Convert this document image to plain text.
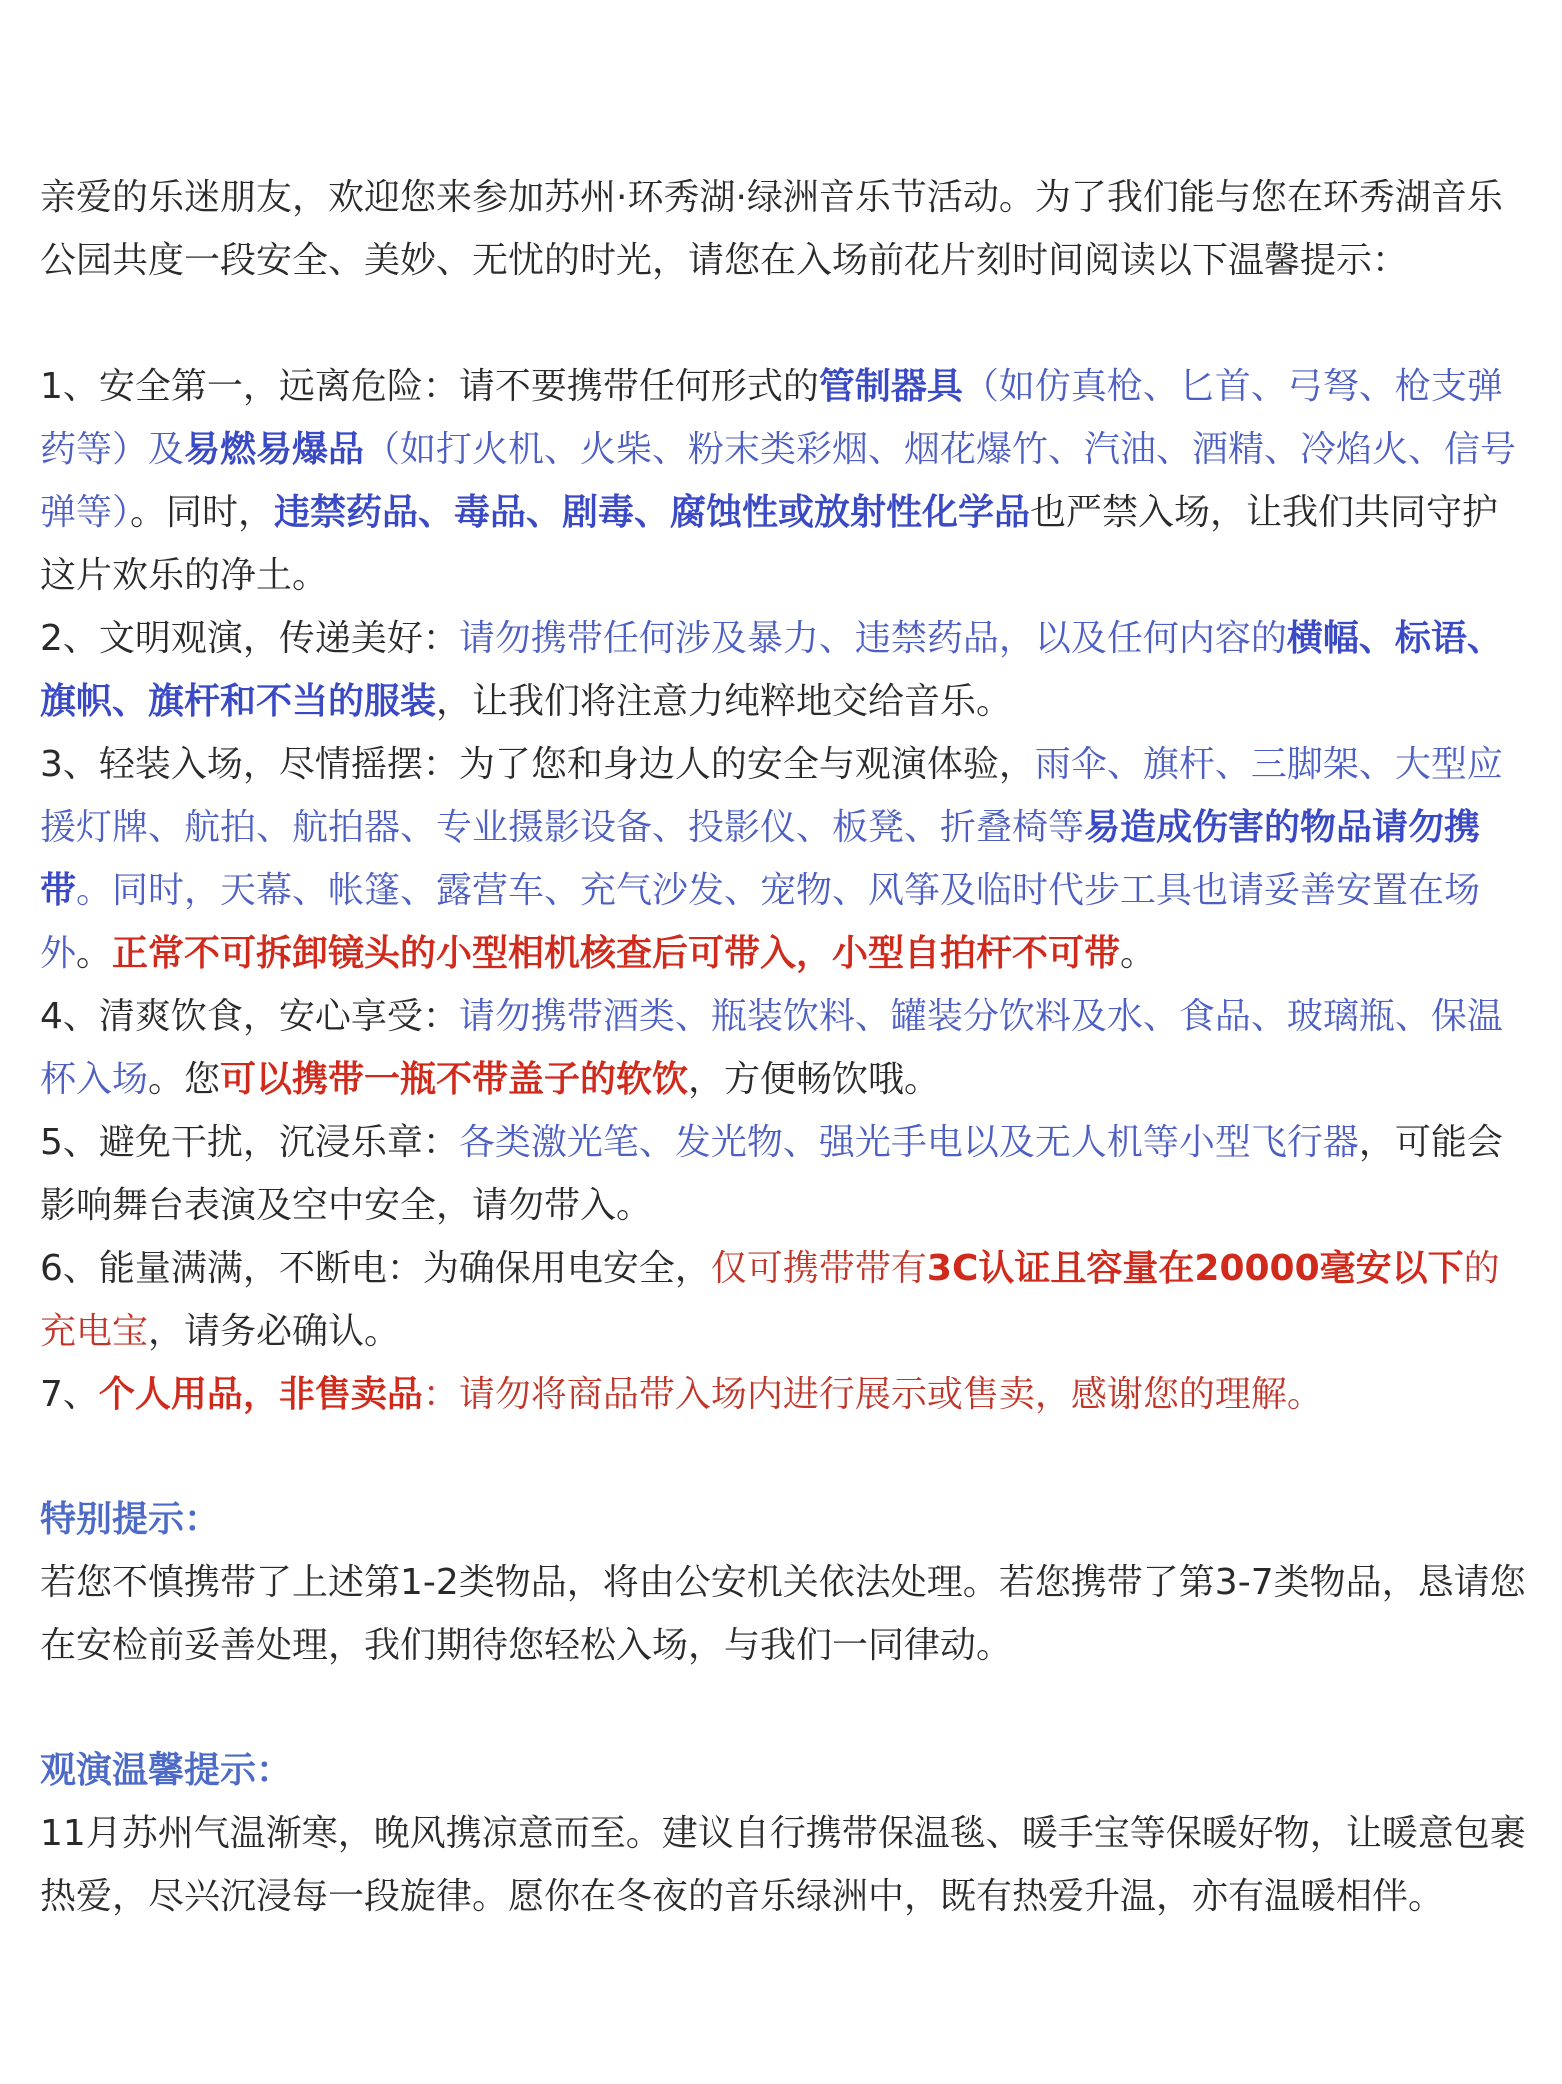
亲爱的乐迷朋友，欢迎您来参加苏州·环秀湖·绿洲音乐节活动。为了我们能与您在环秀湖音乐公园共度一段安全、美妙、无忧的时光，请您在入场前花片刻时间阅读以下温馨提示：

1、安全第一，远离危险：请不要携带任何形式的管制器具（如仿真枪、匕首、弓弩、枪支弹药等）及易燃易爆品（如打火机、火柴、粉末类彩烟、烟花爆竹、汽油、酒精、冷焰火、信号弹等）。同时，违禁药品、毒品、剧毒、腐蚀性或放射性化学品也严禁入场，让我们共同守护这片欢乐的净土。

2、文明观演，传递美好：请勿携带任何涉及暴力、违禁药品，以及任何内容的横幅、标语、旗帜、旗杆和不当的服装，让我们将注意力纯粹地交给音乐。

3、轻装入场，尽情摇摆：为了您和身边人的安全与观演体验，雨伞、旗杆、三脚架、大型应援灯牌、航拍、航拍器、专业摄影设备、投影仪、板凳、折叠椅等易造成伤害的物品请勿携带。同时，天幕、帐篷、露营车、充气沙发、宠物、风筝及临时代步工具也请妥善安置在场外。正常不可拆卸镜头的小型相机核查后可带入，小型自拍杆不可带。

4、清爽饮食，安心享受：请勿携带酒类、瓶装饮料、罐装分饮料及水、食品、玻璃瓶、保温杯入场。您可以携带一瓶不带盖子的软饮，方便畅饮哦。

5、避免干扰，沉浸乐章：各类激光笔、发光物、强光手电以及无人机等小型飞行器，可能会影响舞台表演及空中安全，请勿带入。

6、能量满满，不断电：为确保用电安全，仅可携带带有3C认证且容量在20000毫安以下的充电宝，请务必确认。

7、个人用品，非售卖品：请勿将商品带入场内进行展示或售卖，感谢您的理解。

特别提示：

若您不慎携带了上述第1-2类物品，将由公安机关依法处理。若您携带了第3-7类物品，恳请您在安检前妥善处理，我们期待您轻松入场，与我们一同律动。

观演温馨提示：

11月苏州气温渐寒，晚风携凉意而至。建议自行携带保温毯、暖手宝等保暖好物，让暖意包裹热爱，尽兴沉浸每一段旋律。愿你在冬夜的音乐绿洲中，既有热爱升温，亦有温暖相伴。
